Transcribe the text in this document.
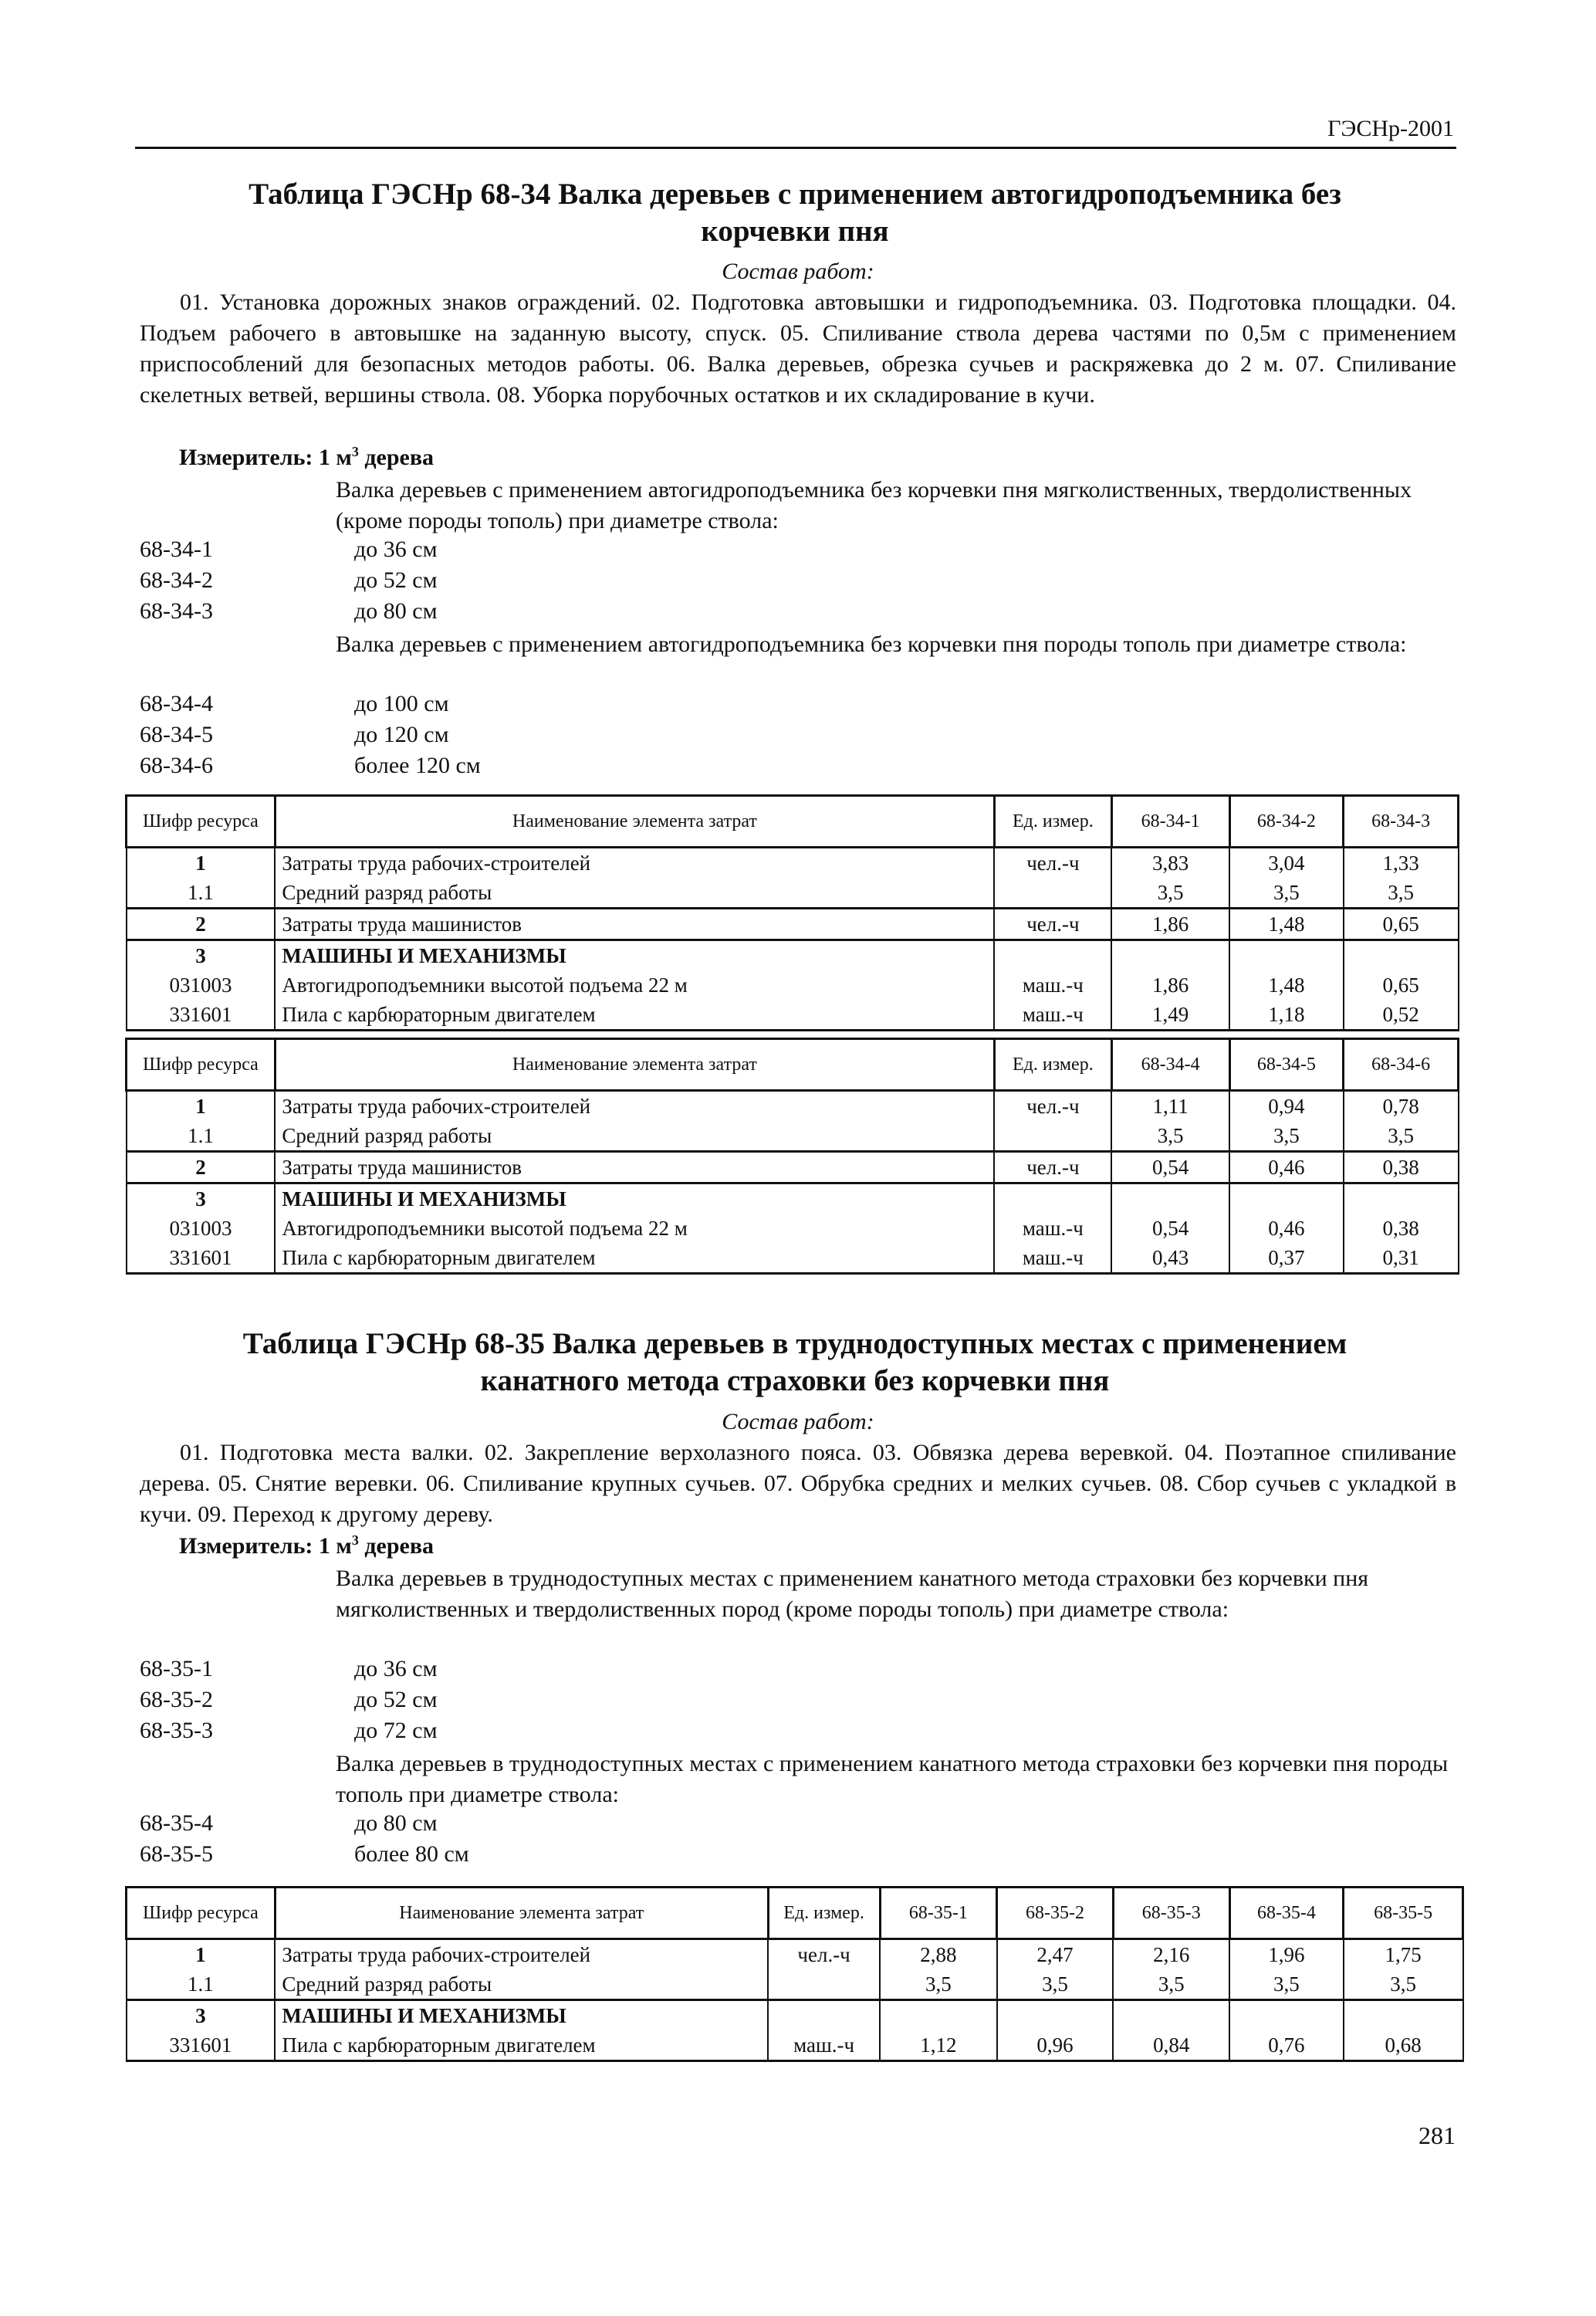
ГЭСНр-2001
Таблица ГЭСНр 68-34 Валка деревьев с применением автогидроподъемника без
корчевки пня
Состав работ:
01. Установка дорожных знаков ограждений. 02. Подготовка автовышки и гидроподъемника. 03. Подготовка площадки. 04. Подъем рабочего в автовышке на заданную высоту, спуск. 05. Спиливание ствола дерева частями по 0,5м с применением приспособлений для безопасных методов работы. 06. Валка деревьев, обрезка сучьев и раскряжевка до 2 м. 07. Спиливание скелетных ветвей, вершины ствола. 08. Уборка порубочных остатков и их складирование в кучи.
Измеритель: 1 $м^3$ дерева
Валка деревьев с применением автогидроподъемника без корчевки пня мягколиственных, твердолиственных (кроме породы тополь) при диаметре ствола:
68-34-1	до 36 см
68-34-2	до 52 см
68-34-3	до 80 см
Валка деревьев с применением автогидроподъемника без корчевки пня породы тополь при диаметре ствола:
68-34-4	до 100 см
68-34-5	до 120 см
68-34-6	более 120 см
Шифр ресурса	Наименование элемента затрат	Ед. измер.	68-34-1	68-34-2	68-34-3
1	Затраты труда рабочих-строителей	чел.-ч	3,83	3,04	1,33
1.1	Средний разряд работы		3,5	3,5	3,5
2	Затраты труда машинистов	чел.-ч	1,86	1,48	0,65
3	МАШИНЫ И МЕХАНИЗМЫ				
031003	Автогидроподъемники высотой подъема 22 м	маш.-ч	1,86	1,48	0,65
331601	Пила с карбюраторным двигателем	маш.-ч	1,49	1,18	0,52
Шифр ресурса	Наименование элемента затрат	Ед. измер.	68-34-4	68-34-5	68-34-6
1	Затраты труда рабочих-строителей	чел.-ч	1,11	0,94	0,78
1.1	Средний разряд работы		3,5	3,5	3,5
2	Затраты труда машинистов	чел.-ч	0,54	0,46	0,38
3	МАШИНЫ И МЕХАНИЗМЫ				
031003	Автогидроподъемники высотой подъема 22 м	маш.-ч	0,54	0,46	0,38
331601	Пила с карбюраторным двигателем	маш.-ч	0,43	0,37	0,31
Таблица ГЭСНр 68-35 Валка деревьев в труднодоступных местах с применением
канатного метода страховки без корчевки пня
Состав работ:
01. Подготовка места валки. 02. Закрепление верхолазного пояса. 03. Обвязка дерева веревкой. 04. Поэтапное спиливание дерева. 05. Снятие веревки. 06. Спиливание крупных сучьев. 07. Обрубка средних и мелких сучьев. 08. Сбор сучьев с укладкой в кучи. 09. Переход к другому дереву.
Измеритель: 1 $м^3$ дерева
Валка деревьев в труднодоступных местах с применением канатного метода страховки без корчевки пня мягколиственных и твердолиственных пород (кроме породы тополь) при диаметре ствола:
68-35-1	до 36 см
68-35-2	до 52 см
68-35-3	до 72 см
Валка деревьев в труднодоступных местах с применением канатного метода страховки без корчевки пня породы тополь при диаметре ствола:
68-35-4	до 80 см
68-35-5	более 80 см
Шифр ресурса	Наименование элемента затрат	Ед. измер.	68-35-1	68-35-2	68-35-3	68-35-4	68-35-5
1	Затраты труда рабочих-строителей	чел.-ч	2,88	2,47	2,16	1,96	1,75
1.1	Средний разряд работы		3,5	3,5	3,5	3,5	3,5
3	МАШИНЫ И МЕХАНИЗМЫ						
331601	Пила с карбюраторным двигателем	маш.-ч	1,12	0,96	0,84	0,76	0,68
281
